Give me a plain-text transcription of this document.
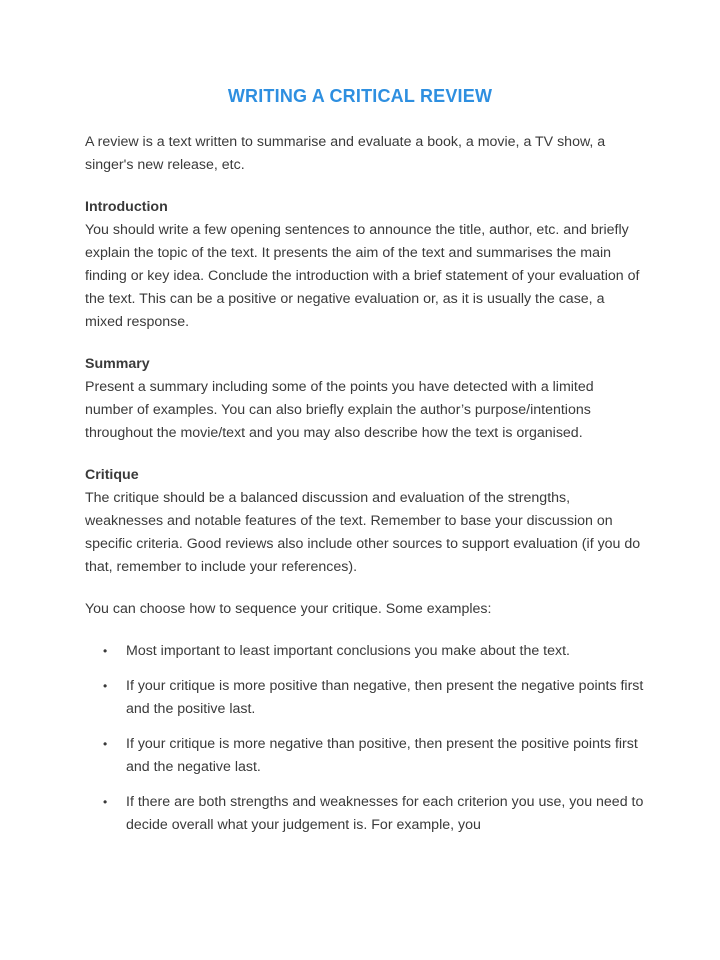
WRITING A CRITICAL REVIEW

A review is a text written to summarise and evaluate a book, a movie, a TV show, a singer's new release, etc.

Introduction

You should write a few opening sentences to announce the title, author, etc. and briefly explain the topic of the text. It presents the aim of the text and summarises the main finding or key idea. Conclude the introduction with a brief statement of your evaluation of the text. This can be a positive or negative evaluation or, as it is usually the case, a mixed response.

Summary

Present a summary including some of the points you have detected with a limited number of examples. You can also briefly explain the author’s purpose/intentions throughout the movie/text and you may also describe how the text is organised.

Critique

The critique should be a balanced discussion and evaluation of the strengths, weaknesses and notable features of the text. Remember to base your discussion on specific criteria. Good reviews also include other sources to support evaluation (if you do that, remember to include your references).

You can choose how to sequence your critique. Some examples:

• Most important to least important conclusions you make about the text.
• If your critique is more positive than negative, then present the negative points first and the positive last.
• If your critique is more negative than positive, then present the positive points first and the negative last.
• If there are both strengths and weaknesses for each criterion you use, you need to decide overall what your judgement is. For example, you
